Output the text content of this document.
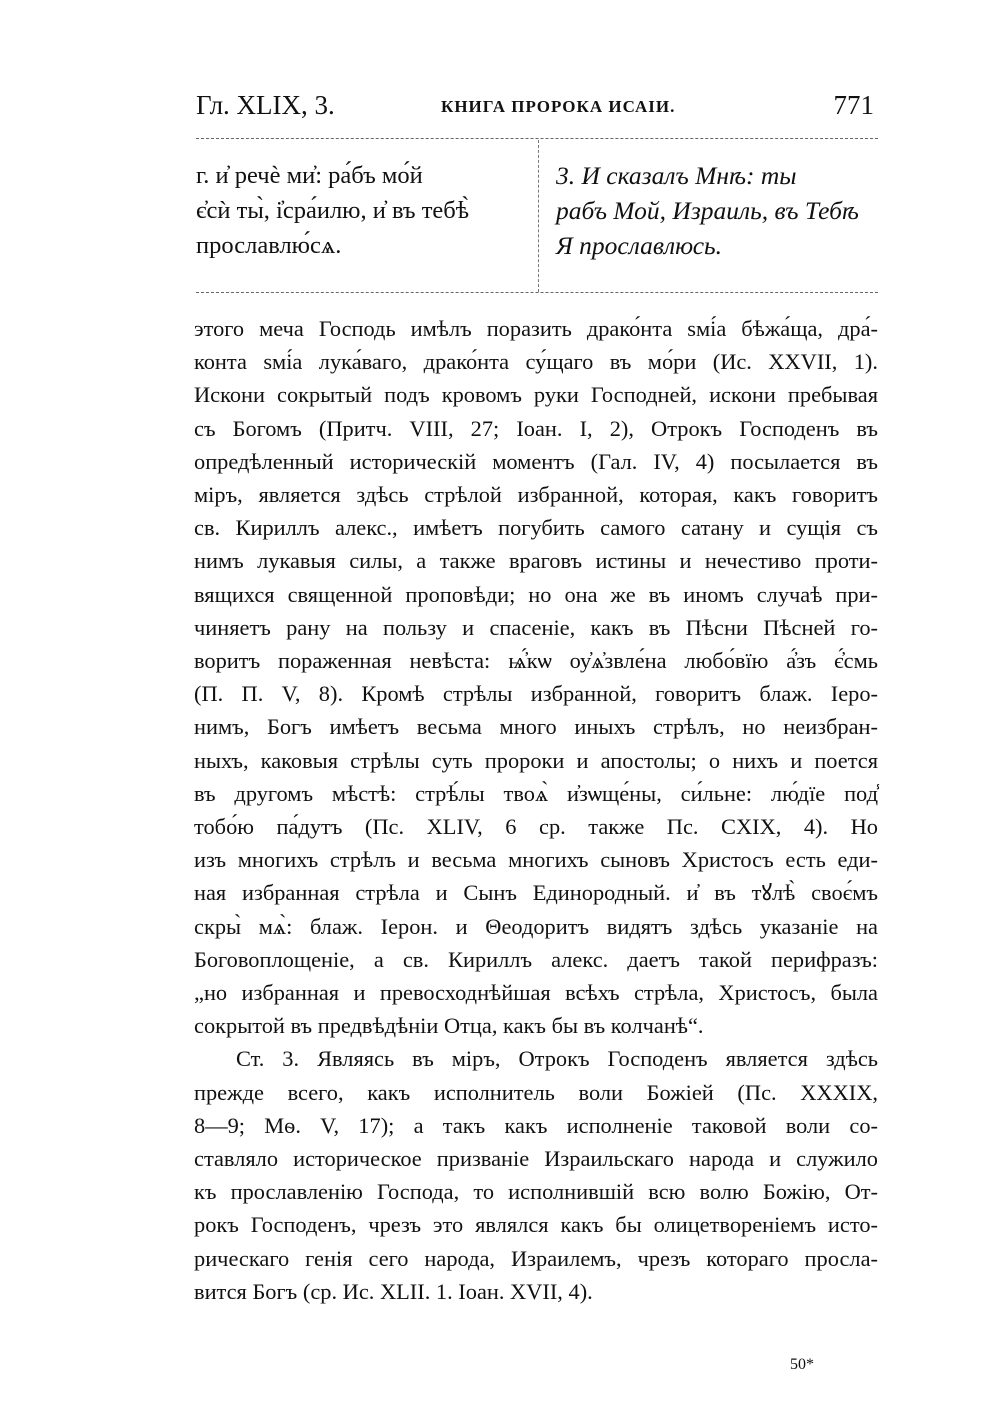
Гл. XLIX, 3.	КНИГА ПРОРОКА ИСАІИ.	771
г. и҆ речѐ ми҆: ра́бъ мо́й
є҆сѝ ты̀, і҆сра́илю, и҆ въ тебѣ̀
прославлю́сѧ.
3. И сказалъ Мнѣ: ты
рабъ Мой, Израиль, въ Тебѣ
Я прославлюсь.
этого меча Господь имѣлъ поразить драко́нта ѕмі́а бѣжа́ща, дра́-
конта ѕмі́а лука́ваго, драко́нта су́щаго въ мо́ри (Ис. XXVII, 1).
Искони сокрытый подъ кровомъ руки Господней, искони пребывая
съ Богомъ (Притч. VIII, 27; Іоан. I, 2), Отрокъ Господенъ въ
опредѣленный историческій моментъ (Гал. IV, 4) посылается въ
міръ, является здѣсь стрѣлой избранной, которая, какъ говоритъ
св. Кириллъ алекс., имѣетъ погубить самого сатану и сущія съ
нимъ лукавыя силы, а также враговъ истины и нечестиво проти-
вящихся священной проповѣди; но она же въ иномъ случаѣ при-
чиняетъ рану на пользу и спасеніе, какъ въ Пѣсни Пѣсней го-
воритъ пораженная невѣста: ѩ҆́кѡ оу҆ѧ҆звле́на любо́вїю а҆́зъ є҆́смь
(П. П. V, 8). Кромѣ стрѣлы избранной, говоритъ блаж. Іеро-
нимъ, Богъ имѣетъ весьма много иныхъ стрѣлъ, но неизбран-
ныхъ, каковыя стрѣлы суть пророки и апостолы; о нихъ и поется
въ другомъ мѣстѣ: стрѣ́лы твоѧ̀ и҆зѡще́ны, си́льне: лю́дїе под̾
тобо́ю па́дутъ (Пс. XLIV, 6 ср. также Пс. CXIX, 4). Но
изъ многихъ стрѣлъ и весьма многихъ сыновъ Христосъ есть еди-
ная избранная стрѣла и Сынъ Единородный. и҆ въ тꙋлѣ̀ своє́мъ
скры̀ мѧ̀: блаж. Іерон. и Θеодоритъ видятъ здѣсь указаніе на
Боговоплощеніе, а св. Кириллъ алекс. даетъ такой перифразъ:
„но избранная и превосходнѣйшая всѣхъ стрѣла, Христосъ, была
сокрытой въ предвѣдѣніи Отца, какъ бы въ колчанѣ“.
Ст. 3. Являясь въ міръ, Отрокъ Господенъ является здѣсь
прежде всего, какъ исполнитель воли Божіей (Пс. XXXIX,
8—9; Мѳ. V, 17); а такъ какъ исполненіе таковой воли со-
ставляло историческое призваніе Израильскаго народа и служило
къ прославленію Господа, то исполнившій всю волю Божію, От-
рокъ Господенъ, чрезъ это являлся какъ бы олицетвореніемъ исто-
рическаго генія сего народа, Израилемъ, чрезъ котораго просла-
вится Богъ (ср. Ис. XLII. 1. Іоан. XVII, 4).
50*
